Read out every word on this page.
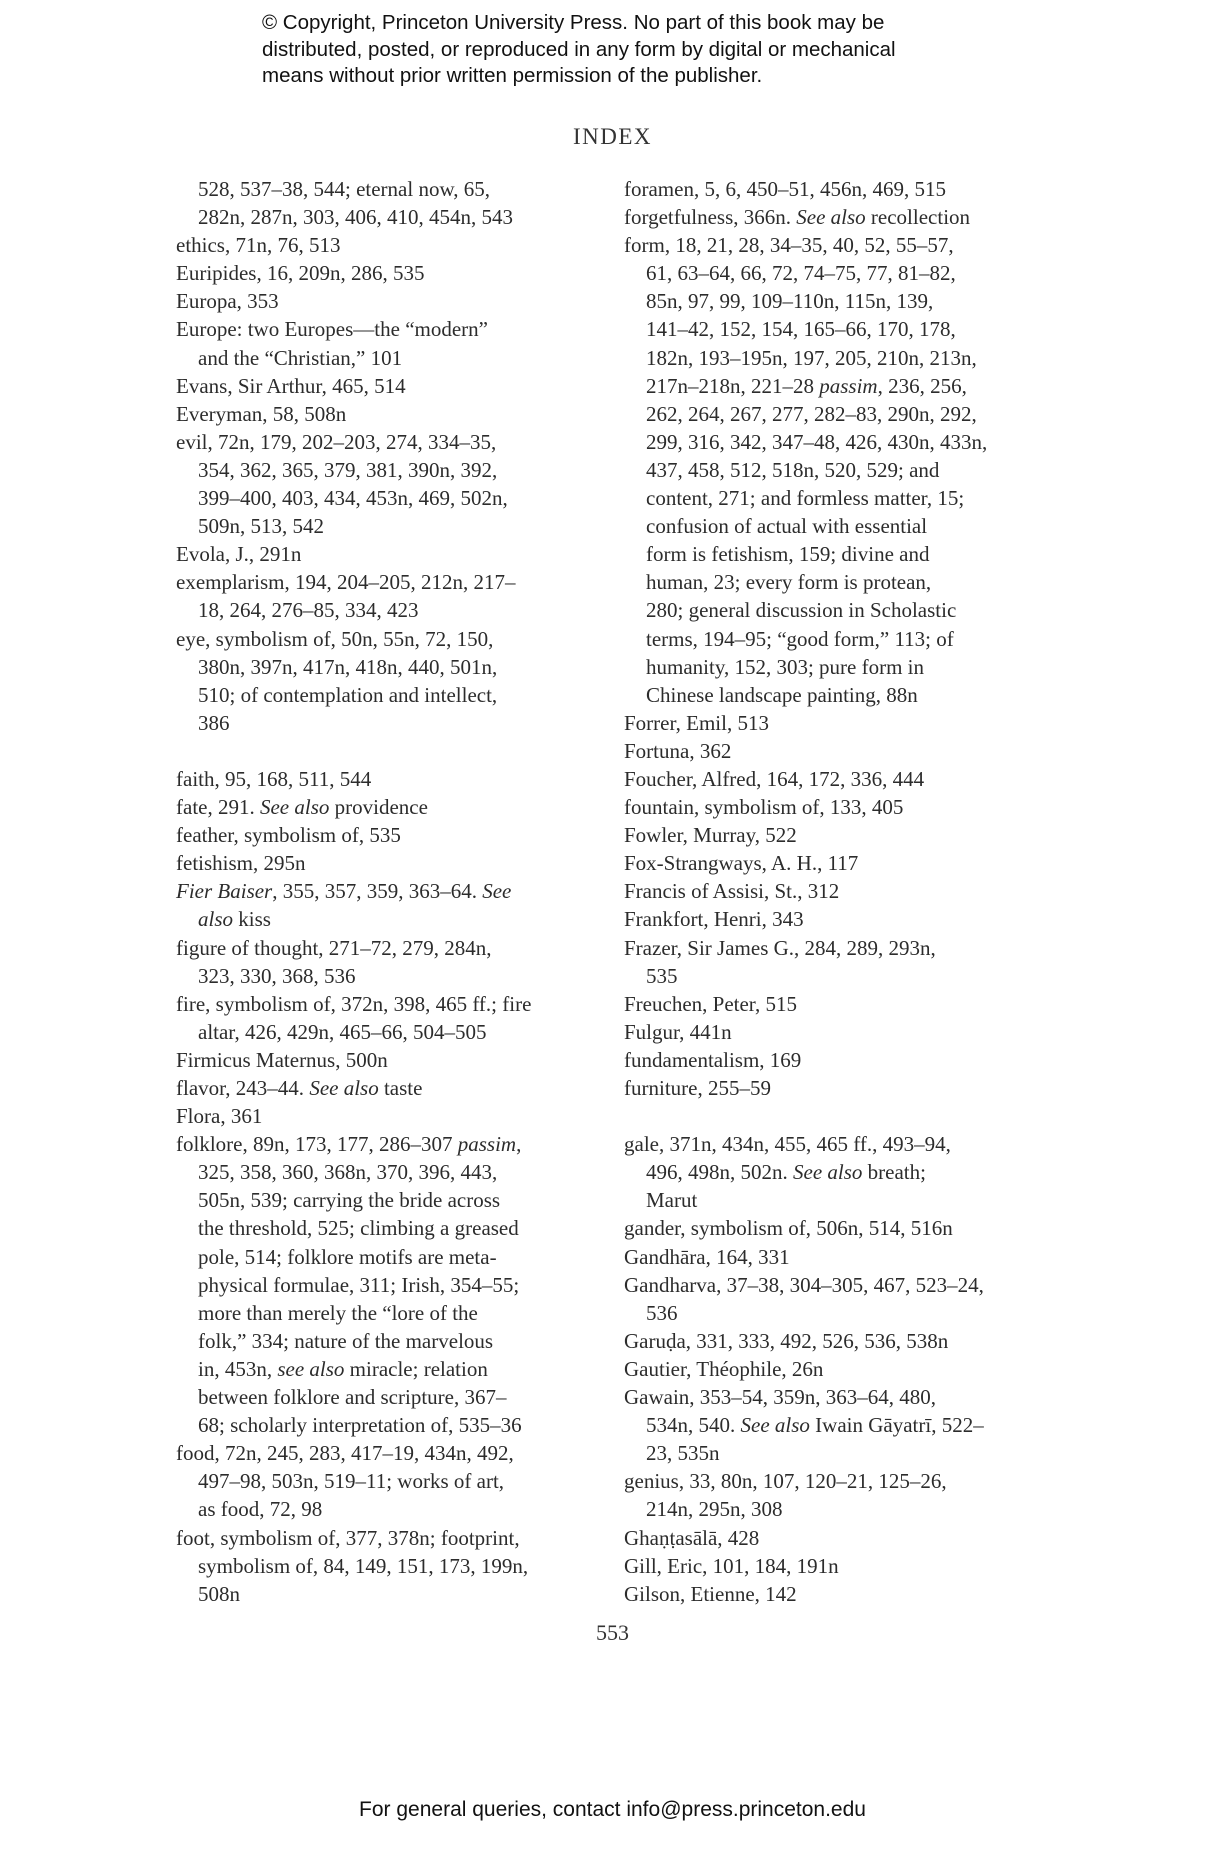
© Copyright, Princeton University Press. No part of this book may be
distributed, posted, or reproduced in any form by digital or mechanical
means without prior written permission of the publisher.
INDEX
528, 537–38, 544; eternal now, 65,
282n, 287n, 303, 406, 410, 454n, 543
ethics, 71n, 76, 513
Euripides, 16, 209n, 286, 535
Europa, 353
Europe: two Europes—the “modern”
and the “Christian,” 101
Evans, Sir Arthur, 465, 514
Everyman, 58, 508n
evil, 72n, 179, 202–203, 274, 334–35,
354, 362, 365, 379, 381, 390n, 392,
399–400, 403, 434, 453n, 469, 502n,
509n, 513, 542
Evola, J., 291n
exemplarism, 194, 204–205, 212n, 217–
18, 264, 276–85, 334, 423
eye, symbolism of, 50n, 55n, 72, 150,
380n, 397n, 417n, 418n, 440, 501n,
510; of contemplation and intellect,
386
faith, 95, 168, 511, 544
fate, 291. See also providence
feather, symbolism of, 535
fetishism, 295n
Fier Baiser, 355, 357, 359, 363–64. See
also kiss
figure of thought, 271–72, 279, 284n,
323, 330, 368, 536
fire, symbolism of, 372n, 398, 465 ff.; fire
altar, 426, 429n, 465–66, 504–505
Firmicus Maternus, 500n
flavor, 243–44. See also taste
Flora, 361
folklore, 89n, 173, 177, 286–307 passim,
325, 358, 360, 368n, 370, 396, 443,
505n, 539; carrying the bride across
the threshold, 525; climbing a greased
pole, 514; folklore motifs are meta-
physical formulae, 311; Irish, 354–55;
more than merely the “lore of the
folk,” 334; nature of the marvelous
in, 453n, see also miracle; relation
between folklore and scripture, 367–
68; scholarly interpretation of, 535–36
food, 72n, 245, 283, 417–19, 434n, 492,
497–98, 503n, 519–11; works of art,
as food, 72, 98
foot, symbolism of, 377, 378n; footprint,
symbolism of, 84, 149, 151, 173, 199n,
508n
foramen, 5, 6, 450–51, 456n, 469, 515
forgetfulness, 366n. See also recollection
form, 18, 21, 28, 34–35, 40, 52, 55–57,
61, 63–64, 66, 72, 74–75, 77, 81–82,
85n, 97, 99, 109–110n, 115n, 139,
141–42, 152, 154, 165–66, 170, 178,
182n, 193–195n, 197, 205, 210n, 213n,
217n–218n, 221–28 passim, 236, 256,
262, 264, 267, 277, 282–83, 290n, 292,
299, 316, 342, 347–48, 426, 430n, 433n,
437, 458, 512, 518n, 520, 529; and
content, 271; and formless matter, 15;
confusion of actual with essential
form is fetishism, 159; divine and
human, 23; every form is protean,
280; general discussion in Scholastic
terms, 194–95; “good form,” 113; of
humanity, 152, 303; pure form in
Chinese landscape painting, 88n
Forrer, Emil, 513
Fortuna, 362
Foucher, Alfred, 164, 172, 336, 444
fountain, symbolism of, 133, 405
Fowler, Murray, 522
Fox-Strangways, A. H., 117
Francis of Assisi, St., 312
Frankfort, Henri, 343
Frazer, Sir James G., 284, 289, 293n,
535
Freuchen, Peter, 515
Fulgur, 441n
fundamentalism, 169
furniture, 255–59
gale, 371n, 434n, 455, 465 ff., 493–94,
496, 498n, 502n. See also breath;
Marut
gander, symbolism of, 506n, 514, 516n
Gandhāra, 164, 331
Gandharva, 37–38, 304–305, 467, 523–24,
536
Garuḍa, 331, 333, 492, 526, 536, 538n
Gautier, Théophile, 26n
Gawain, 353–54, 359n, 363–64, 480,
534n, 540. See also Iwain Gāyatrī, 522–
23, 535n
genius, 33, 80n, 107, 120–21, 125–26,
214n, 295n, 308
Ghaṇṭasālā, 428
Gill, Eric, 101, 184, 191n
Gilson, Etienne, 142
553
For general queries, contact info@press.princeton.edu
